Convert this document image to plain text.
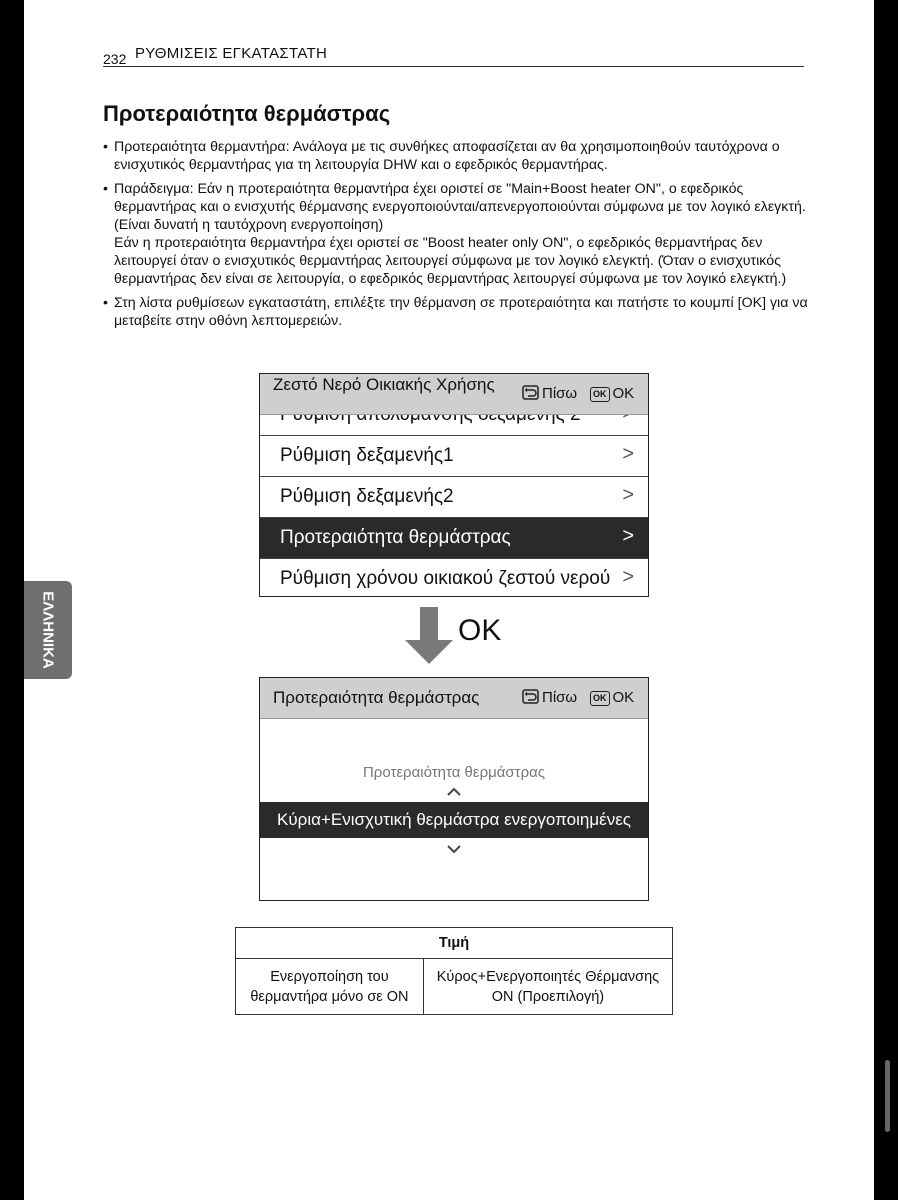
232 ΡΥΘΜΙΣΕΙΣ ΕΓΚΑΤΑΣΤΑΤΗ
ΕΛΛΗΝΙΚΑ
Προτεραιότητα θερμάστρας
• Προτεραιότητα θερμαντήρα: Ανάλογα με τις συνθήκες αποφασίζεται αν θα χρησιμοποιηθούν ταυτόχρονα ο ενισχυτικός θερμαντήρας για τη λειτουργία DHW και ο εφεδρικός θερμαντήρας.
• Παράδειγμα: Εάν η προτεραιότητα θερμαντήρα έχει οριστεί σε "Main+Boost heater ON", ο εφεδρικός θερμαντήρας και ο ενισχυτής θέρμανσης ενεργοποιούνται/απενεργοποιούνται σύμφωνα με τον λογικό ελεγκτή. (Είναι δυνατή η ταυτόχρονη ενεργοποίηση)
Εάν η προτεραιότητα θερμαντήρα έχει οριστεί σε "Boost heater only ON", ο εφεδρικός θερμαντήρας δεν λειτουργεί όταν ο ενισχυτικός θερμαντήρας λειτουργεί σύμφωνα με τον λογικό ελεγκτή. (Όταν ο ενισχυτικός θερμαντήρας δεν είναι σε λειτουργία, ο εφεδρικός θερμαντήρας λειτουργεί σύμφωνα με τον λογικό ελεγκτή.)
• Στη λίστα ρυθμίσεων εγκαταστάτη, επιλέξτε την θέρμανση σε προτεραιότητα και πατήστε το κουμπί [OK] για να μεταβείτε στην οθόνη λεπτομερειών.
Ζεστό Νερό Οικιακής Χρήσης	Πίσω	OK OK
Ρύθμιση δεξαμενής1	>
Ρύθμιση δεξαμενής2	>
Προτεραιότητα θερμάστρας	>
Ρύθμιση χρόνου οικιακού ζεστού νερού >
OK
Προτεραιότητα θερμάστρας	Πίσω	OK OK
Προτεραιότητα θερμάστρας
Κύρια+Ενισχυτική θερμάστρα ενεργοποιημένες
Τιμή
Ενεργοποίηση του θερμαντήρα μόνο σε ON	Κύρος+Ενεργοποιητές Θέρμανσης ON (Προεπιλογή)
